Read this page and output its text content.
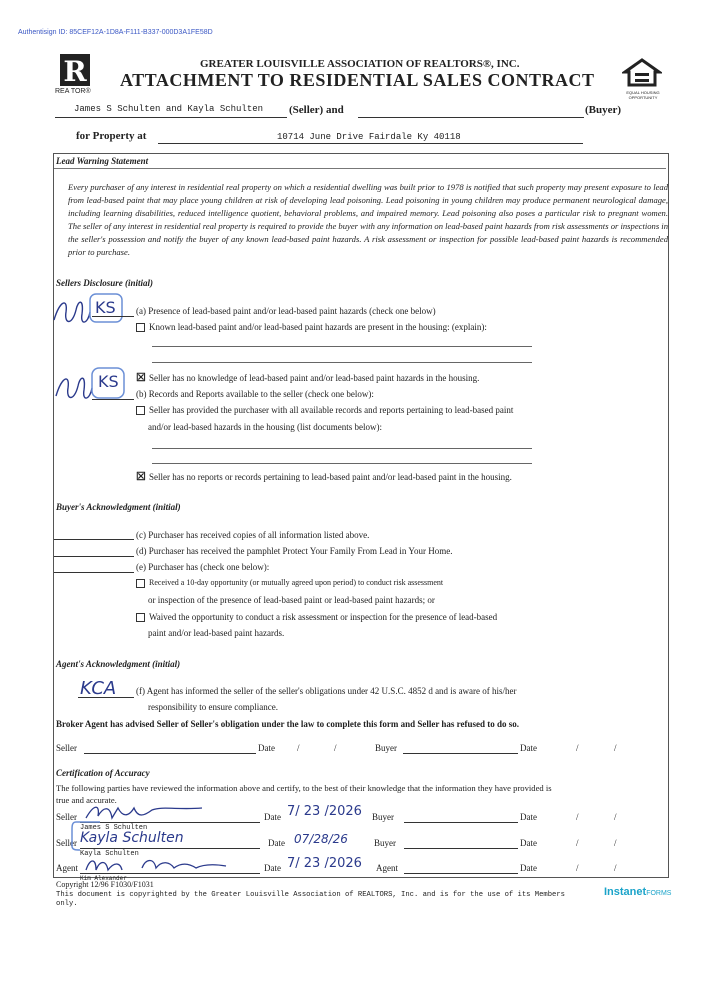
Authentisign ID: 85CEF12A-1D8A-F111-B337-000D3A1FE58D
R
REA TOR®
GREATER LOUISVILLE ASSOCIATION OF REALTORS®, INC.
ATTACHMENT TO RESIDENTIAL SALES CONTRACT
EQUAL HOUSING OPPORTUNITY
James S Schulten and Kayla Schulten (Seller) and	(Buyer)
for Property at	10714 June Drive Fairdale Ky 40118
Lead Warning Statement
Every purchaser of any interest in residential real property on which a residential dwelling was built prior to 1978 is notified that such property may present exposure to lead from lead-based paint that may place young children at risk of developing lead poisoning. Lead poisoning in young children may produce permanent neurological damage, including learning disabilities, reduced intelligence quotient, behavioral problems, and impaired memory. Lead poisoning also poses a particular risk to pregnant women. The seller of any interest in residential real property is required to provide the buyer with any information on lead-based paint hazards from risk assessments or inspections in the seller's possession and notify the buyer of any known lead-based paint hazards. A risk assessment or inspection for possible lead-based paint hazards is recommended prior to purchase.
Sellers Disclosure (initial)
KS (a) Presence of lead-based paint and/or lead-based paint hazards (check one below)
Known lead-based paint and/or lead-based paint hazards are present in the housing: (explain):
KS ☒ Seller has no knowledge of lead-based paint and/or lead-based paint hazards in the housing.
(b) Records and Reports available to the seller (check one below):
Seller has provided the purchaser with all available records and reports pertaining to lead-based paint
and/or lead-based hazards in the housing (list documents below):
☒ Seller has no reports or records pertaining to lead-based paint and/or lead-based paint in the housing.
Buyer's Acknowledgment (initial)
(c) Purchaser has received copies of all information listed above.
(d) Purchaser has received the pamphlet Protect Your Family From Lead in Your Home.
(e) Purchaser has (check one below):
Received a 10-day opportunity (or mutually agreed upon period) to conduct risk assessment
or inspection of the presence of lead-based paint or lead-based paint hazards; or
Waived the opportunity to conduct a risk assessment or inspection for the presence of lead-based
paint and/or lead-based paint hazards.
Agent's Acknowledgment (initial)
KCA (f) Agent has informed the seller of the seller's obligations under 42 U.S.C. 4852 d and is aware of his/her
responsibility to ensure compliance.
Broker Agent has advised Seller of Seller's obligation under the law to complete this form and Seller has refused to do so.
Seller	Date /	/	Buyer	Date	/	/
Certification of Accuracy
The following parties have reviewed the information above and certify, to the best of their knowledge that the information they have provided is
true and accurate.
Seller	Date 7/ 23 /2026 Buyer	Date	/	/
James S Schulten
Seller Kayla Schulten	Date 07/28/26	Buyer	Date	/	/
Kayla Schulten
Agent	Date 7/ 23 /2026 Agent	Date	/	/
Kim Alexander
Copyright 12/96 F1030/F1031
This document is copyrighted by the Greater Louisville Association of REALTORS, Inc. and is for the use of its Members
only.
InstanetFORMS
